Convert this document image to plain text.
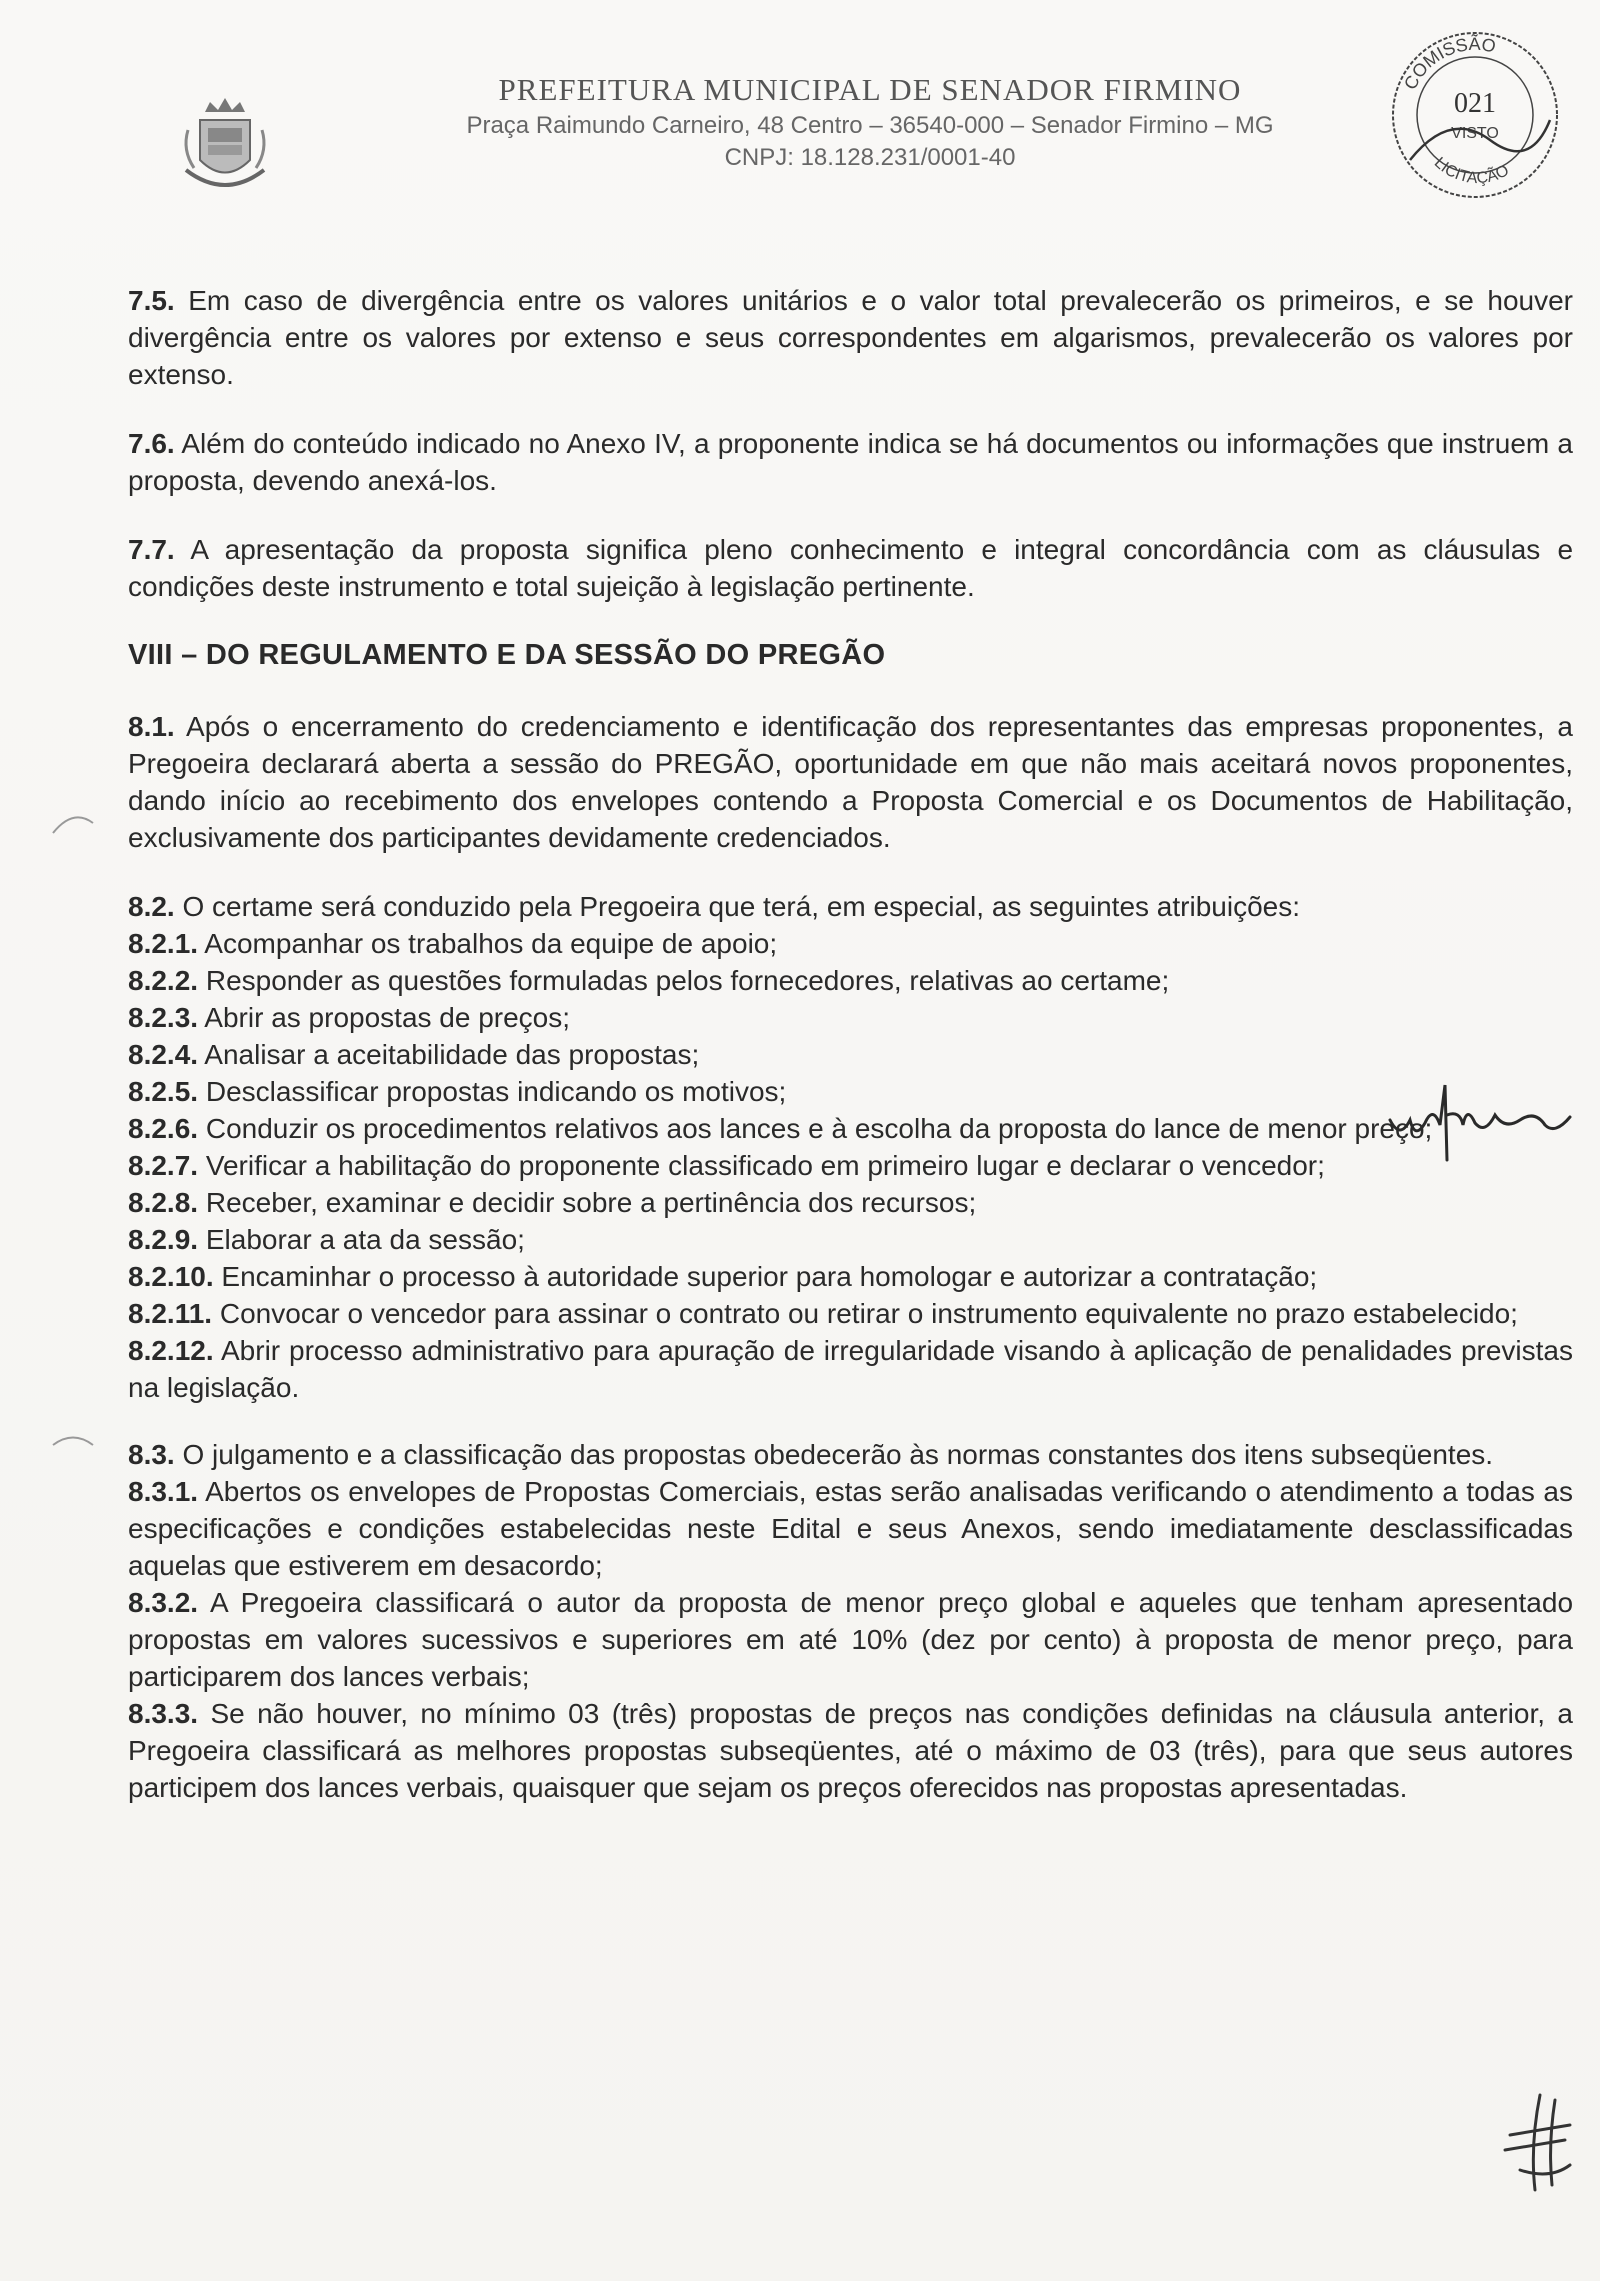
PREFEITURA MUNICIPAL DE SENADOR FIRMINO

Praça Raimundo Carneiro, 48 Centro – 36540-000 – Senador Firmino – MG

CNPJ: 18.128.231/0001-40

COMISSÃO
021
VISTO
LICITAÇÃO

7.5. Em caso de divergência entre os valores unitários e o valor total prevalecerão os primeiros, e se houver divergência entre os valores por extenso e seus correspondentes em algarismos, prevalecerão os valores por extenso.

7.6. Além do conteúdo indicado no Anexo IV, a proponente indica se há documentos ou informações que instruem a proposta, devendo anexá-los.

7.7. A apresentação da proposta significa pleno conhecimento e integral concordância com as cláusulas e condições deste instrumento e total sujeição à legislação pertinente.

VIII – DO REGULAMENTO E DA SESSÃO DO PREGÃO

8.1. Após o encerramento do credenciamento e identificação dos representantes das empresas proponentes, a Pregoeira declarará aberta a sessão do PREGÃO, oportunidade em que não mais aceitará novos proponentes, dando início ao recebimento dos envelopes contendo a Proposta Comercial e os Documentos de Habilitação, exclusivamente dos participantes devidamente credenciados.

8.2. O certame será conduzido pela Pregoeira que terá, em especial, as seguintes atribuições:

8.2.1. Acompanhar os trabalhos da equipe de apoio;

8.2.2. Responder as questões formuladas pelos fornecedores, relativas ao certame;

8.2.3. Abrir as propostas de preços;

8.2.4. Analisar a aceitabilidade das propostas;

8.2.5. Desclassificar propostas indicando os motivos;

8.2.6. Conduzir os procedimentos relativos aos lances e à escolha da proposta do lance de menor preço;

8.2.7. Verificar a habilitação do proponente classificado em primeiro lugar e declarar o vencedor;

8.2.8. Receber, examinar e decidir sobre a pertinência dos recursos;

8.2.9. Elaborar a ata da sessão;

8.2.10. Encaminhar o processo à autoridade superior para homologar e autorizar a contratação;

8.2.11. Convocar o vencedor para assinar o contrato ou retirar o instrumento equivalente no prazo estabelecido;

8.2.12. Abrir processo administrativo para apuração de irregularidade visando à aplicação de penalidades previstas na legislação.

8.3. O julgamento e a classificação das propostas obedecerão às normas constantes dos itens subseqüentes.

8.3.1. Abertos os envelopes de Propostas Comerciais, estas serão analisadas verificando o atendimento a todas as especificações e condições estabelecidas neste Edital e seus Anexos, sendo imediatamente desclassificadas aquelas que estiverem em desacordo;

8.3.2. A Pregoeira classificará o autor da proposta de menor preço global e aqueles que tenham apresentado propostas em valores sucessivos e superiores em até 10% (dez por cento) à proposta de menor preço, para participarem dos lances verbais;

8.3.3. Se não houver, no mínimo 03 (três) propostas de preços nas condições definidas na cláusula anterior, a Pregoeira classificará as melhores propostas subseqüentes, até o máximo de 03 (três), para que seus autores participem dos lances verbais, quaisquer que sejam os preços oferecidos nas propostas apresentadas.
